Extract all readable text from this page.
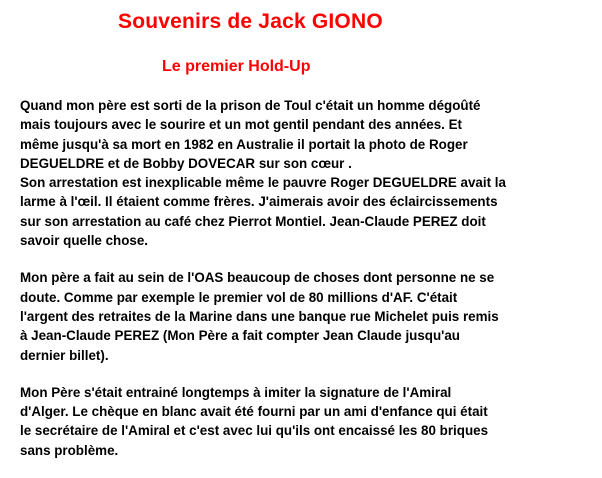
Souvenirs de Jack GIONO
Le premier Hold-Up

Quand mon père est sorti de la prison de Toul c'était un homme dégoûté
mais toujours avec le sourire et un mot gentil pendant des années. Et
même jusqu'à sa mort en 1982 en Australie il portait la photo de Roger
DEGUELDRE et de Bobby DOVECAR sur son cœur .
Son arrestation est inexplicable même le pauvre Roger DEGUELDRE avait la
larme à l'œil. Il étaient comme frères. J'aimerais avoir des éclaircissements
sur son arrestation au café chez Pierrot Montiel. Jean-Claude PEREZ doit
savoir quelle chose.

Mon père a fait au sein de l'OAS beaucoup de choses dont personne ne se
doute. Comme par exemple le premier vol de 80 millions d'AF. C'était
l'argent des retraites de la Marine dans une banque rue Michelet puis remis
à Jean-Claude PEREZ (Mon Père a fait compter Jean Claude jusqu'au
dernier billet).

Mon Père s'était entrainé longtemps à imiter la signature de l'Amiral
d'Alger. Le chèque en blanc avait été fourni par un ami d'enfance qui était
le secrétaire de l'Amiral et c'est avec lui qu'ils ont encaissé les 80 briques
sans problème.
